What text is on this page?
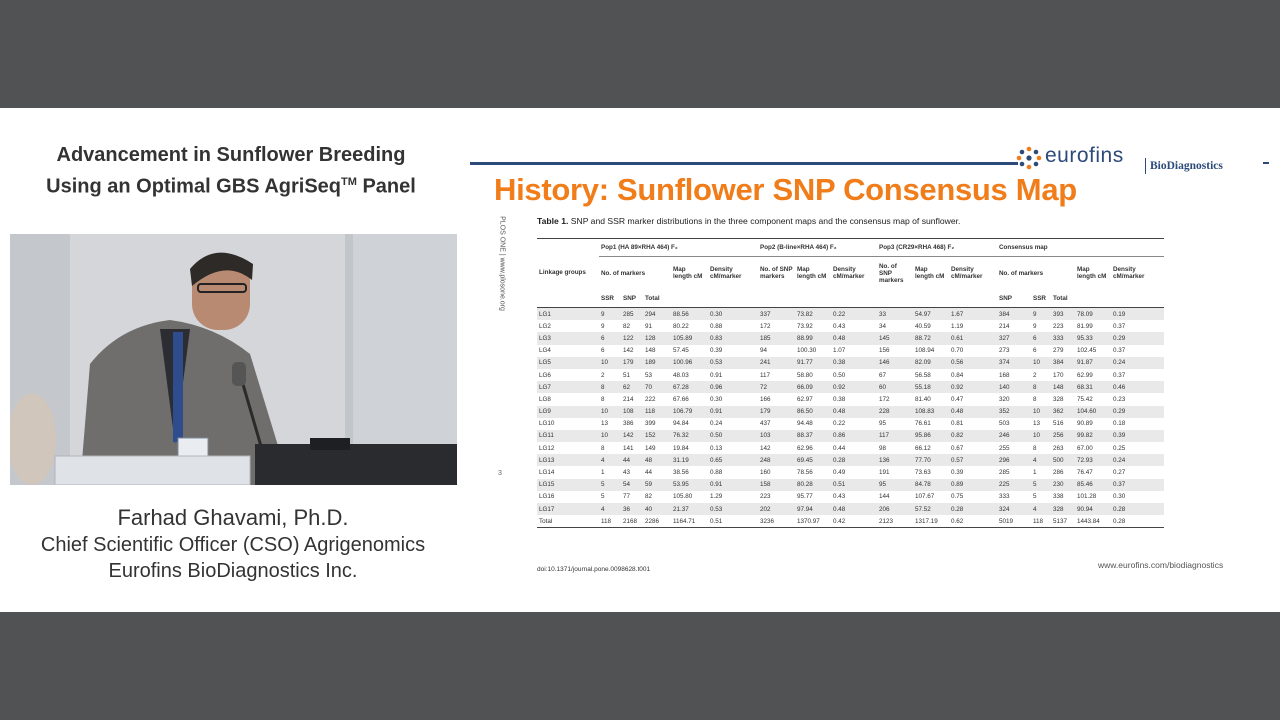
Advancement in Sunflower Breeding
Using an Optimal GBS AgriSeq™ Panel
Farhad Ghavami, Ph.D.
Chief Scientific Officer (CSO) Agrigenomics
Eurofins BioDiagnostics Inc.
eurofins	BioDiagnostics
History: Sunflower SNP Consensus Map
PLOS ONE | www.plosone.org
3
Table 1. SNP and SSR marker distributions in the three component maps and the consensus map of sunflower.
	Pop1 (HA 89×RHA 464) F₂					Pop2 (B-line×RHA 464) F₂			Pop3 (CR29×RHA 468) F₂			Consensus map				
Linkage groups	No. of markers			Map length cM	Density cM/marker	No. of SNP markers	Map length cM	Density cM/marker	No. of SNP markers	Map length cM	Density cM/marker	No. of markers			Map length cM	Density cM/marker
	SSR	SNP	Total									SNP	SSR	Total		
LG1	9	285	294	88.56	0.30	337	73.82	0.22	33	54.97	1.67	384	9	393	78.09	0.19
LG2	9	82	91	80.22	0.88	172	73.92	0.43	34	40.59	1.19	214	9	223	81.99	0.37
LG3	6	122	128	105.89	0.83	185	88.99	0.48	145	88.72	0.61	327	6	333	95.33	0.29
LG4	6	142	148	57.45	0.39	94	100.30	1.07	156	108.94	0.70	273	6	279	102.45	0.37
LG5	10	179	189	100.96	0.53	241	91.77	0.38	146	82.09	0.56	374	10	384	91.87	0.24
LG6	2	51	53	48.03	0.91	117	58.80	0.50	67	56.58	0.84	168	2	170	62.99	0.37
LG7	8	62	70	67.28	0.96	72	66.09	0.92	60	55.18	0.92	140	8	148	68.31	0.46
LG8	8	214	222	67.66	0.30	166	62.97	0.38	172	81.40	0.47	320	8	328	75.42	0.23
LG9	10	108	118	106.79	0.91	179	86.50	0.48	228	108.83	0.48	352	10	362	104.60	0.29
LG10	13	386	399	94.84	0.24	437	94.48	0.22	95	76.61	0.81	503	13	516	90.89	0.18
LG11	10	142	152	76.32	0.50	103	88.37	0.86	117	95.86	0.82	246	10	256	99.82	0.39
LG12	8	141	149	19.84	0.13	142	62.96	0.44	98	66.12	0.67	255	8	263	67.00	0.25
LG13	4	44	48	31.19	0.65	248	69.45	0.28	136	77.70	0.57	296	4	500	72.93	0.24
LG14	1	43	44	38.56	0.88	160	78.56	0.49	191	73.63	0.39	285	1	286	76.47	0.27
LG15	5	54	59	53.95	0.91	158	80.28	0.51	95	84.78	0.89	225	5	230	85.46	0.37
LG16	5	77	82	105.80	1.29	223	95.77	0.43	144	107.67	0.75	333	5	338	101.28	0.30
LG17	4	36	40	21.37	0.53	202	97.94	0.48	206	57.52	0.28	324	4	328	90.94	0.28
Total	118	2168	2286	1164.71	0.51	3236	1370.97	0.42	2123	1317.19	0.62	5019	118	5137	1443.84	0.28
doi:10.1371/journal.pone.0098628.t001	www.eurofins.com/biodiagnostics
